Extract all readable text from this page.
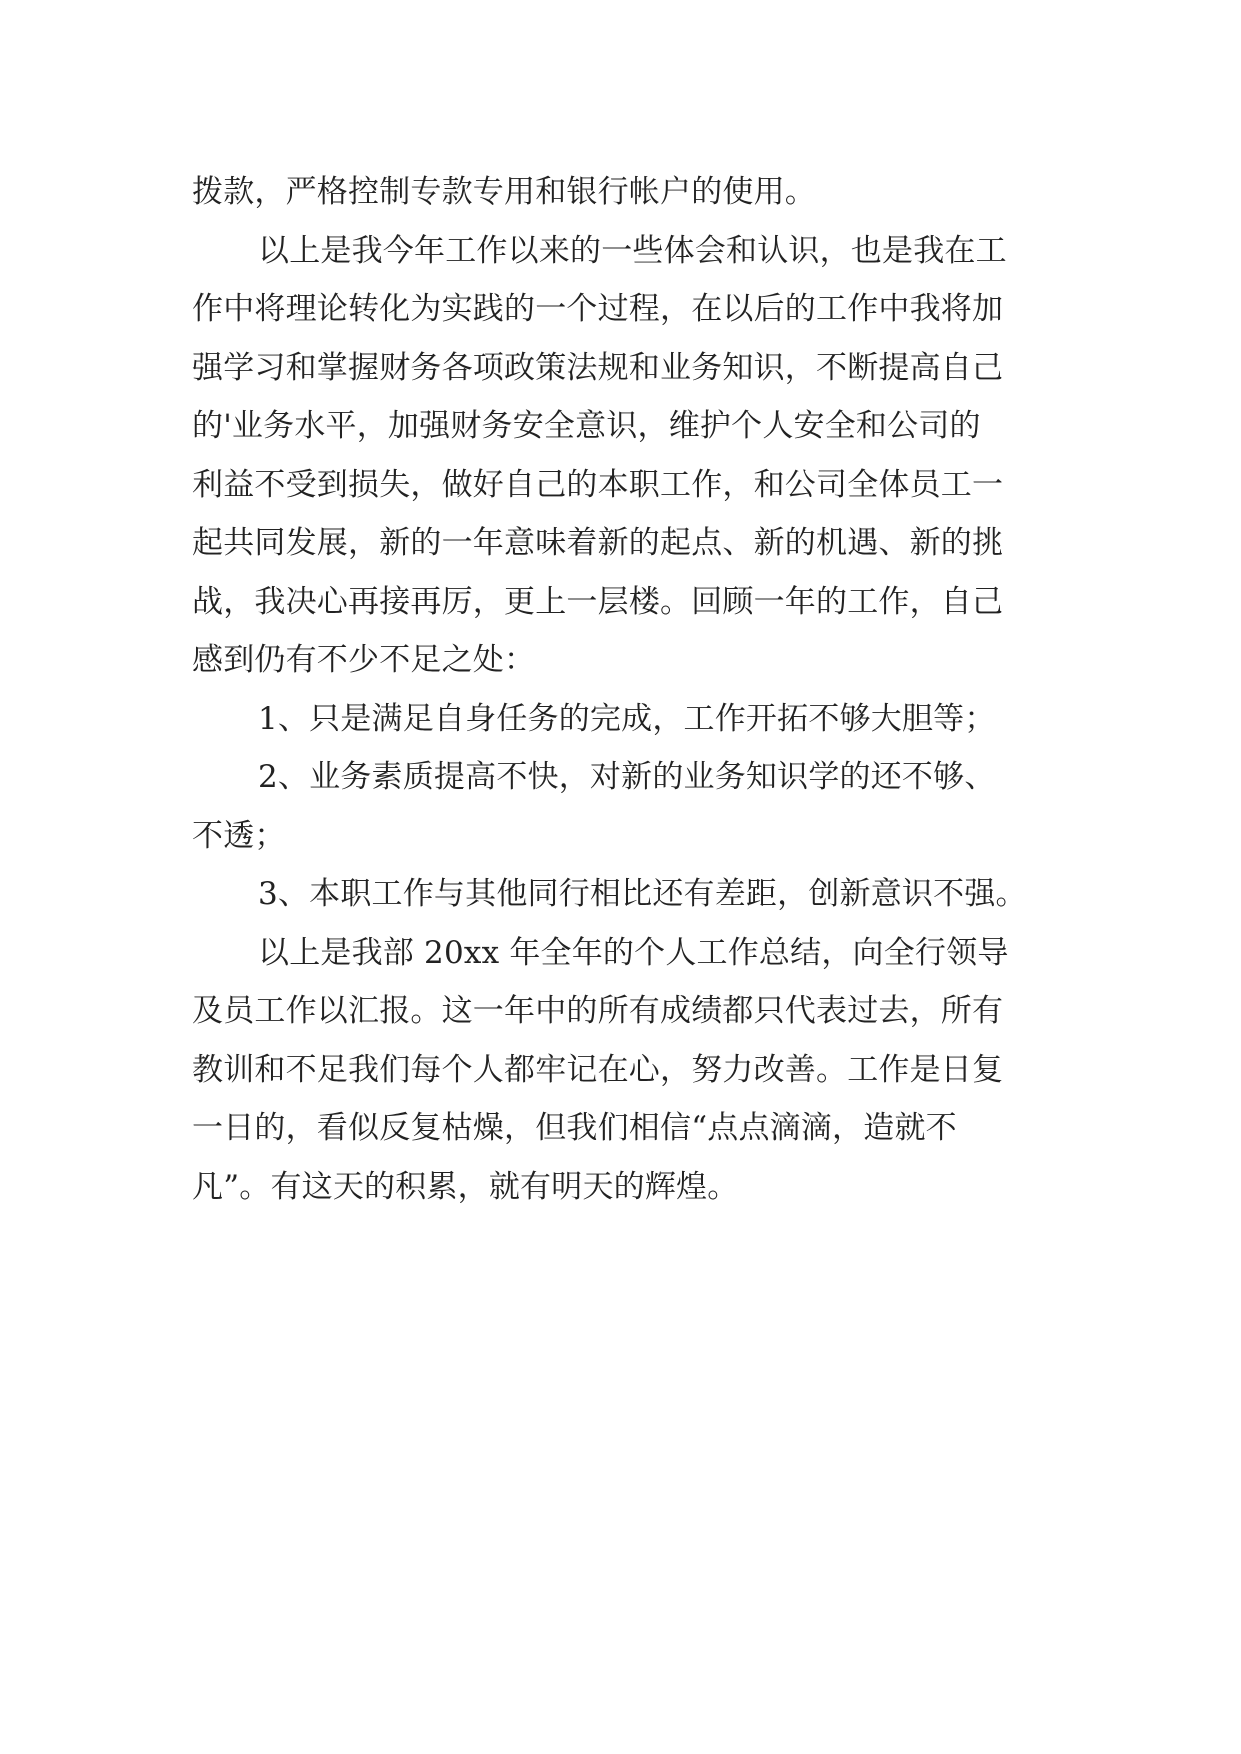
拨款，严格控制专款专用和银行帐户的使用。
以上是我今年工作以来的一些体会和认识，也是我在工
作中将理论转化为实践的一个过程，在以后的工作中我将加
强学习和掌握财务各项政策法规和业务知识，不断提高自己
的'业务水平，加强财务安全意识，维护个人安全和公司的
利益不受到损失，做好自己的本职工作，和公司全体员工一
起共同发展，新的一年意味着新的起点、新的机遇、新的挑
战，我决心再接再厉，更上一层楼。回顾一年的工作，自己
感到仍有不少不足之处：
1、只是满足自身任务的完成，工作开拓不够大胆等；
2、业务素质提高不快，对新的业务知识学的还不够、
不透；
3、本职工作与其他同行相比还有差距，创新意识不强。
以上是我部 20xx 年全年的个人工作总结，向全行领导
及员工作以汇报。这一年中的所有成绩都只代表过去，所有
教训和不足我们每个人都牢记在心，努力改善。工作是日复
一日的，看似反复枯燥，但我们相信“点点滴滴，造就不
凡”。有这天的积累，就有明天的辉煌。
